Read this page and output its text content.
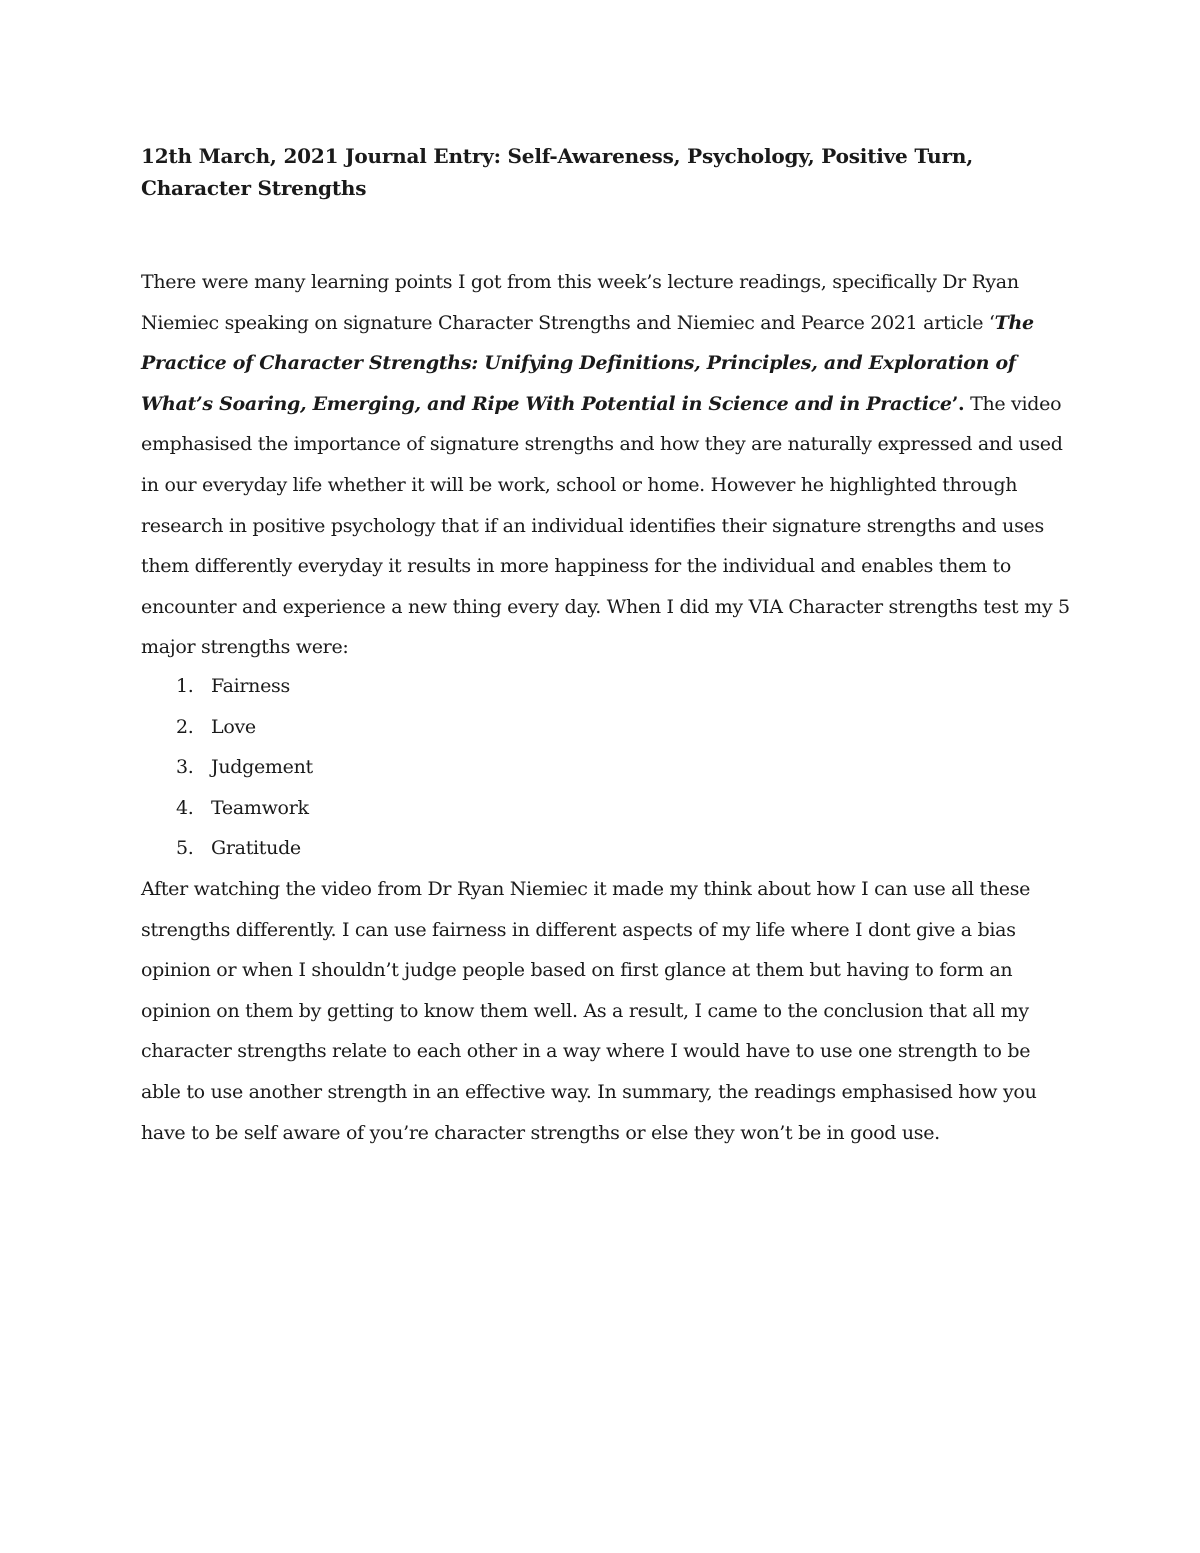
12th March, 2021 Journal Entry: Self-Awareness, Psychology, Positive Turn, Character Strengths

There were many learning points I got from this week’s lecture readings, specifically Dr Ryan Niemiec speaking on signature Character Strengths and Niemiec and Pearce 2021 article ‘The Practice of Character Strengths: Unifying Definitions, Principles, and Exploration of What’s Soaring, Emerging, and Ripe With Potential in Science and in Practice’. The video emphasised the importance of signature strengths and how they are naturally expressed and used in our everyday life whether it will be work, school or home. However he highlighted through research in positive psychology that if an individual identifies their signature strengths and uses them differently everyday it results in more happiness for the individual and enables them to encounter and experience a new thing every day. When I did my VIA Character strengths test my 5 major strengths were:

1. Fairness
2. Love
3. Judgement
4. Teamwork
5. Gratitude

After watching the video from Dr Ryan Niemiec it made my think about how I can use all these strengths differently. I can use fairness in different aspects of my life where I dont give a bias opinion or when I shouldn’t judge people based on first glance at them but having to form an opinion on them by getting to know them well. As a result, I came to the conclusion that all my character strengths relate to each other in a way where I would have to use one strength to be able to use another strength in an effective way. In summary, the readings emphasised how you have to be self aware of you’re character strengths or else they won’t be in good use.
